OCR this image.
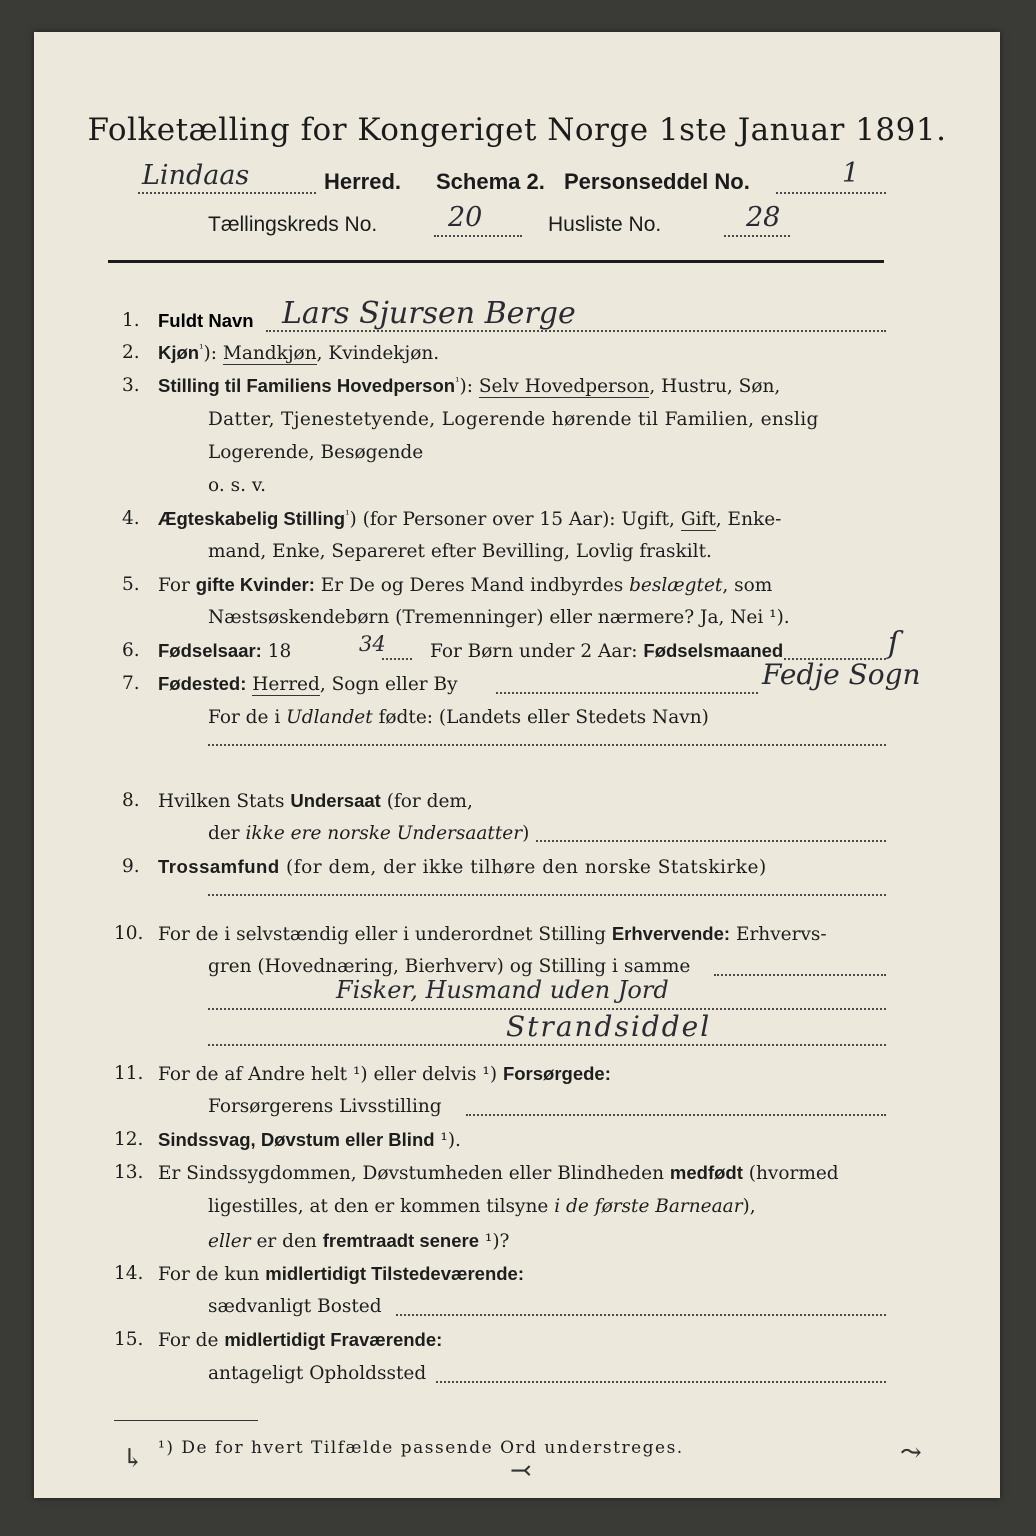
Folketælling for Kongeriget Norge 1ste Januar 1891.
Lindaas	Herred. Schema 2. Personseddel No.	1
Tællingskreds No.	20	Husliste No.	28
1. Fuldt Navn Lars Sjursen Berge
2. Kjøn$^{^1}$): Mandkjøn, Kvindekjøn.
3. Stilling til Familiens Hovedperson$^{^1}$): Selv Hovedperson, Hustru, Søn,
Datter, Tjenestetyende, Logerende hørende til Familien, enslig
Logerende, Besøgende
o. s. v.
4. Ægteskabelig Stilling$^{^1}$) (for Personer over 15 Aar): Ugift, Gift, Enke-
mand, Enke, Separeret efter Bevilling, Lovlig fraskilt.
5. For gifte Kvinder: Er De og Deres Mand indbyrdes beslægtet, som
Næstsøskendebørn (Tremenninger) eller nærmere? Ja, Nei ¹).
6. Fødselsaar: 18	34 For Børn under 2 Aar: Fødselsmaaned	ſ
7. Fødested: Herred, Sogn eller By	Fedje Sogn
For de i Udlandet fødte: (Landets eller Stedets Navn)
8. Hvilken Stats Undersaat (for dem,
der ikke ere norske Undersaatter)
9. Trossamfund (for dem, der ikke tilhøre den norske Statskirke)
10. For de i selvstændig eller i underordnet Stilling Erhvervende: Erhvervs-
gren (Hovednæring, Bierhverv) og Stilling i samme
Fisker, Husmand uden Jord
Strandsiddel
11. For de af Andre helt ¹) eller delvis ¹) Forsørgede:
Forsørgerens Livsstilling
12. Sindssvag, Døvstum eller Blind ¹).
13. Er Sindssygdommen, Døvstumheden eller Blindheden medfødt (hvormed
ligestilles, at den er kommen tilsyne i de første Barneaar),
eller er den fremtraadt senere ¹)?
14. For de kun midlertidigt Tilstedeværende:
sædvanligt Bosted
15. For de midlertidigt Fraværende:
antageligt Opholdssted
¹) De for hvert Tilfælde passende Ord understreges.
↳	⤙
⤳
